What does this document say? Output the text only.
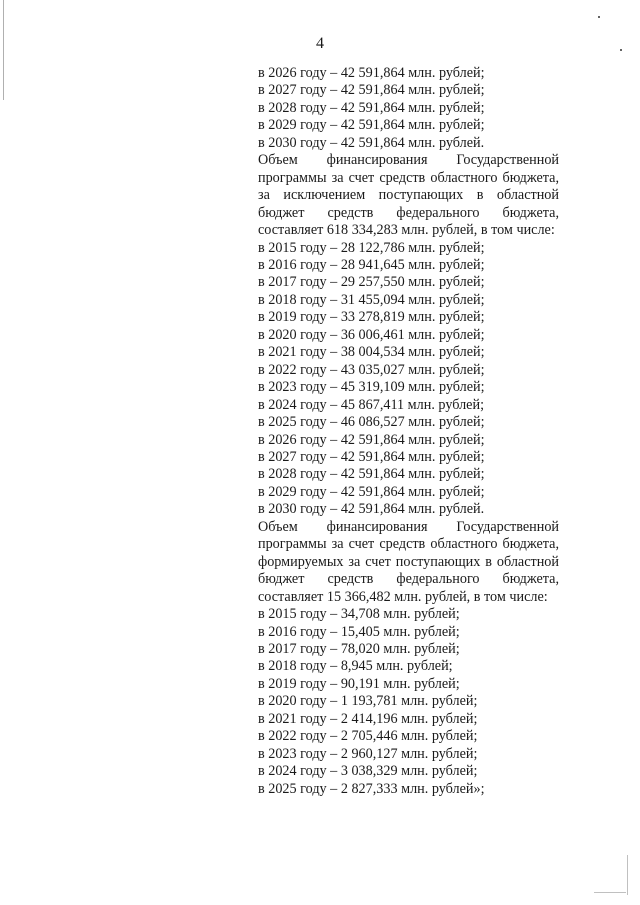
4
в 2026 году – 42 591,864 млн. рублей;
в 2027 году – 42 591,864 млн. рублей;
в 2028 году – 42 591,864 млн. рублей;
в 2029 году – 42 591,864 млн. рублей;
в 2030 году – 42 591,864 млн. рублей.
Объем финансирования Государственной программы за счет средств областного бюджета, за исключением поступающих в областной бюджет средств федерального бюджета, составляет 618 334,283 млн. рублей, в том числе:
в 2015 году – 28 122,786 млн. рублей;
в 2016 году – 28 941,645 млн. рублей;
в 2017 году – 29 257,550 млн. рублей;
в 2018 году – 31 455,094 млн. рублей;
в 2019 году – 33 278,819 млн. рублей;
в 2020 году – 36 006,461 млн. рублей;
в 2021 году – 38 004,534 млн. рублей;
в 2022 году – 43 035,027 млн. рублей;
в 2023 году – 45 319,109 млн. рублей;
в 2024 году – 45 867,411 млн. рублей;
в 2025 году – 46 086,527 млн. рублей;
в 2026 году – 42 591,864 млн. рублей;
в 2027 году – 42 591,864 млн. рублей;
в 2028 году – 42 591,864 млн. рублей;
в 2029 году – 42 591,864 млн. рублей;
в 2030 году – 42 591,864 млн. рублей.
Объем финансирования Государственной программы за счет средств областного бюджета, формируемых за счет поступающих в областной бюджет средств федерального бюджета, составляет 15 366,482 млн. рублей, в том числе:
в 2015 году – 34,708 млн. рублей;
в 2016 году – 15,405 млн. рублей;
в 2017 году – 78,020 млн. рублей;
в 2018 году – 8,945 млн. рублей;
в 2019 году – 90,191 млн. рублей;
в 2020 году – 1 193,781 млн. рублей;
в 2021 году – 2 414,196 млн. рублей;
в 2022 году – 2 705,446 млн. рублей;
в 2023 году – 2 960,127 млн. рублей;
в 2024 году – 3 038,329 млн. рублей;
в 2025 году – 2 827,333 млн. рублей»;
